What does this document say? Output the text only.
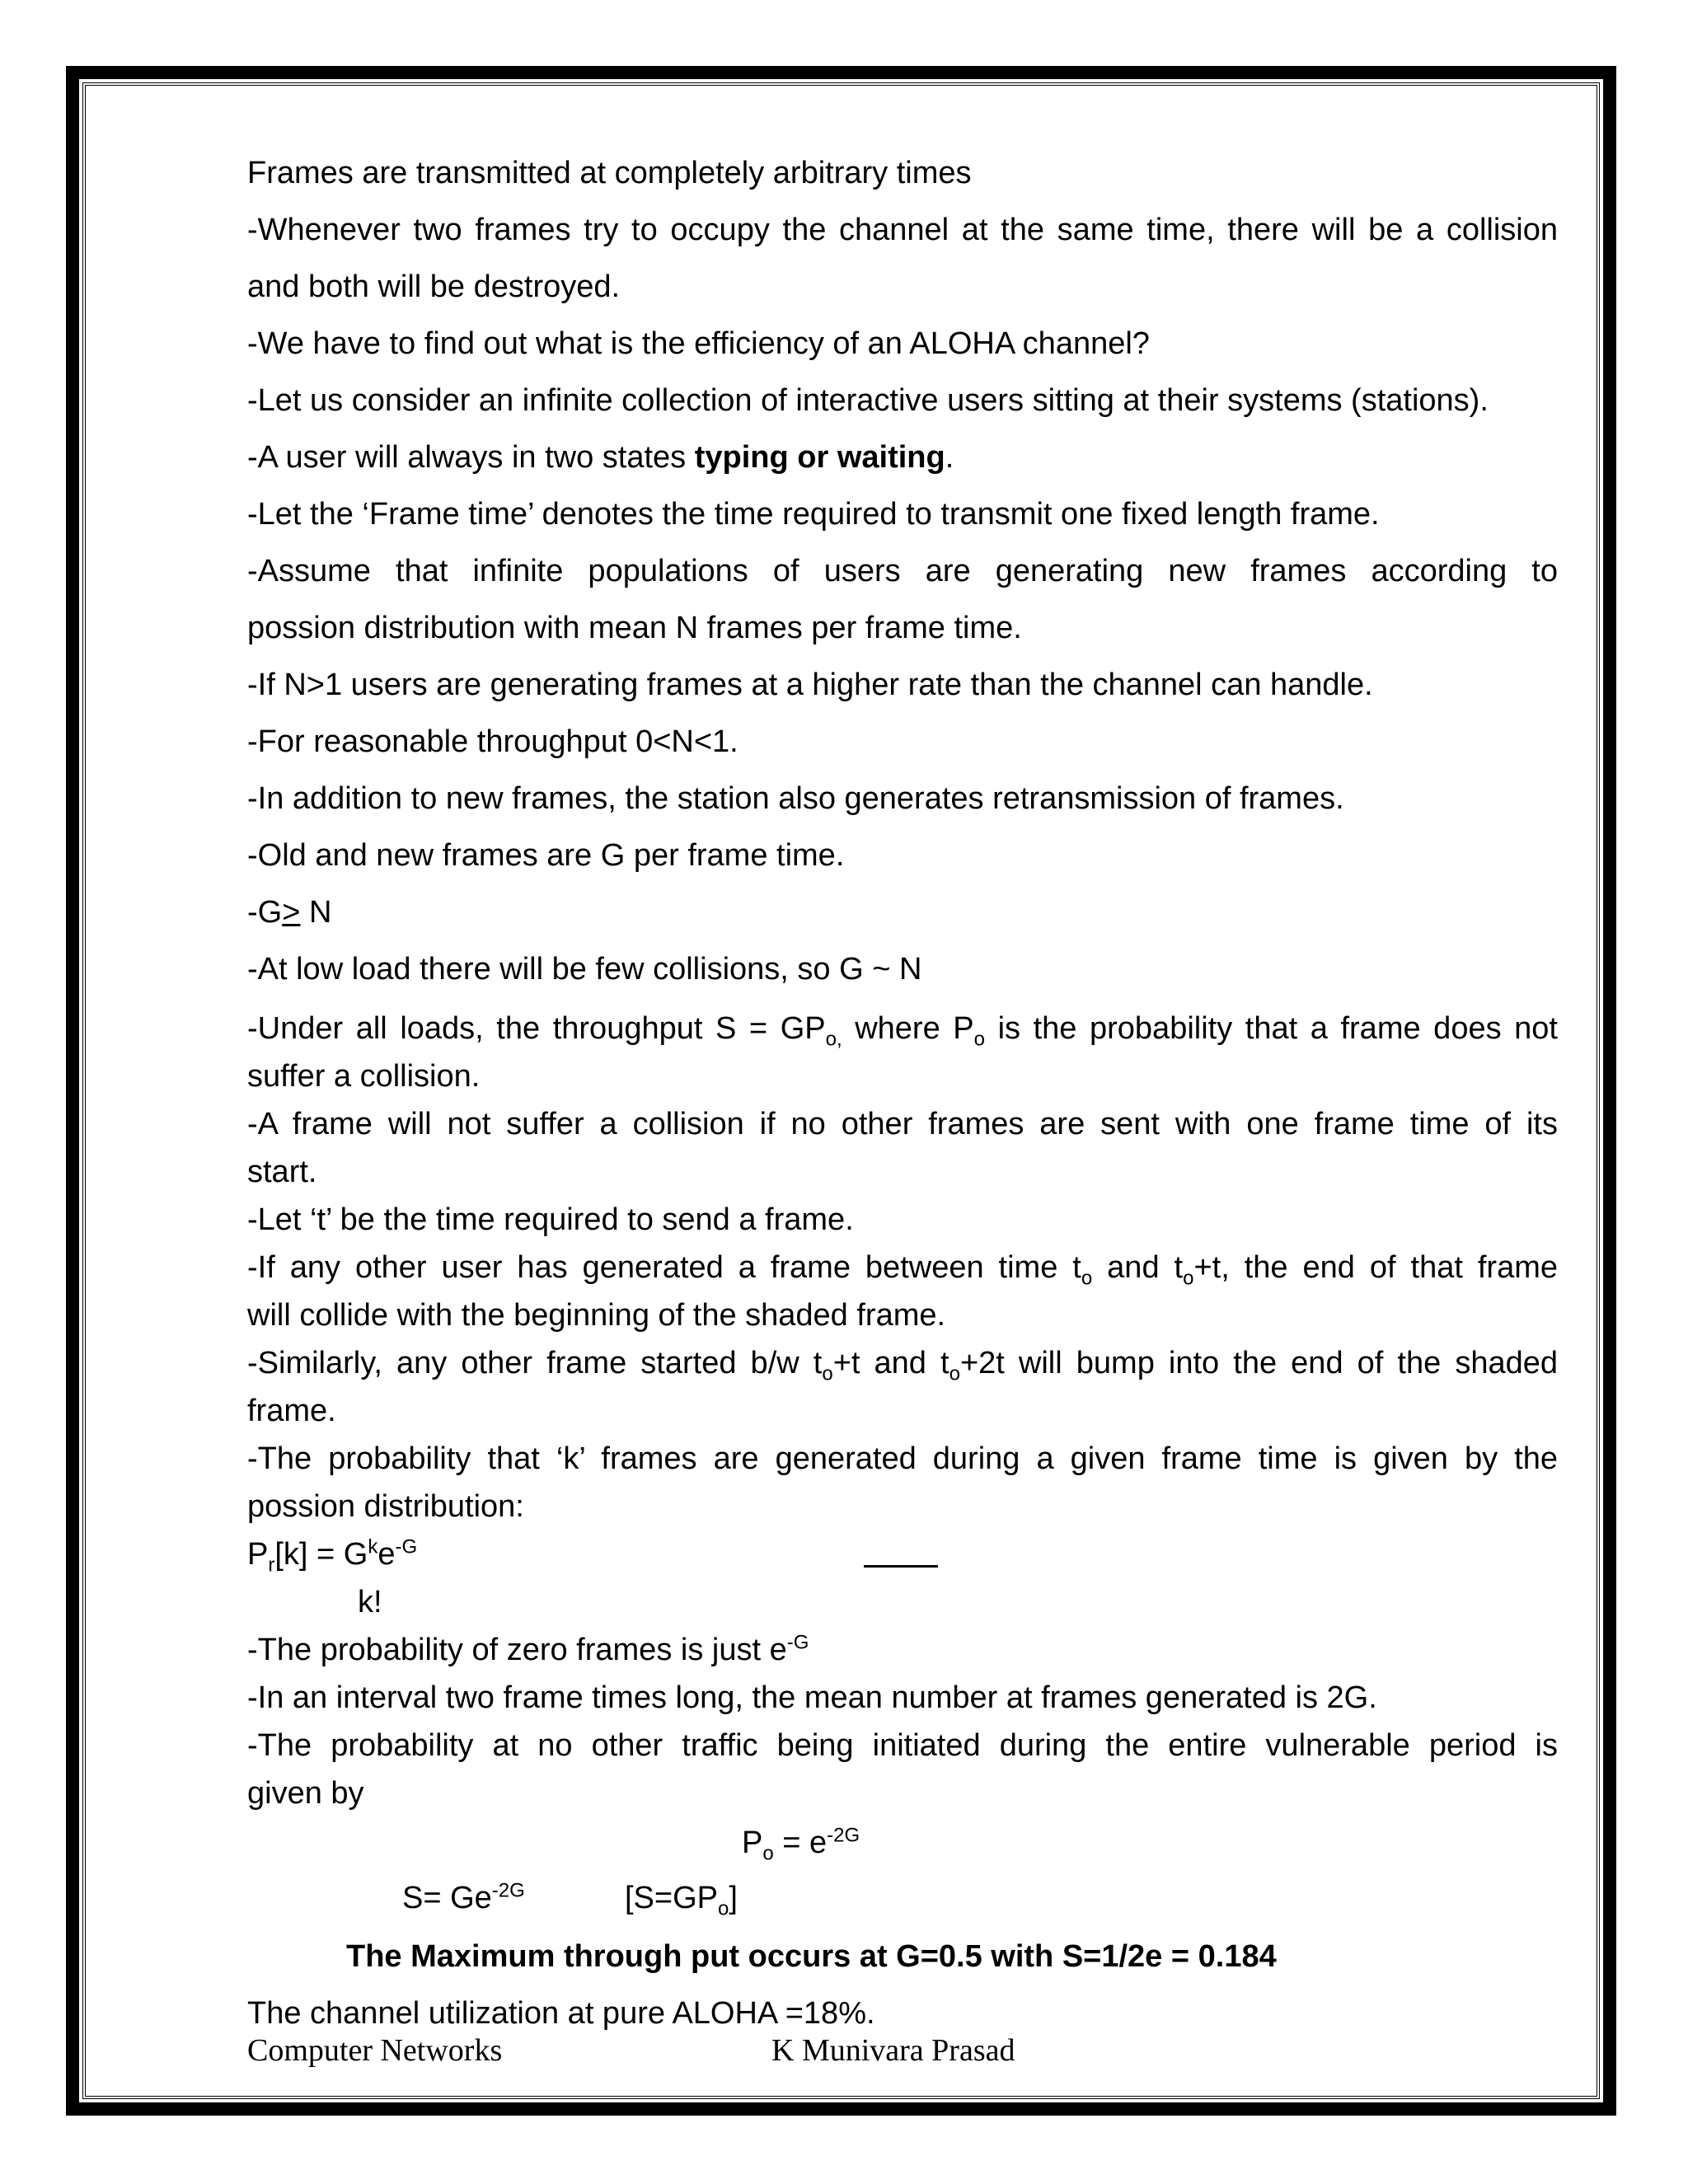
Frames are transmitted at completely arbitrary times
-Whenever two frames try to occupy the channel at the same time, there will be a collision
and both will be destroyed.
-We have to find out what is the efficiency of an ALOHA channel?
-Let us consider an infinite collection of interactive users sitting at their systems (stations).
-A user will always in two states typing or waiting.
-Let the ‘Frame time’ denotes the time required to transmit one fixed length frame.
-Assume that infinite populations of users are generating new frames according to
possion distribution with mean N frames per frame time.
-If N>1 users are generating frames at a higher rate than the channel can handle.
-For reasonable throughput 0<N<1.
-In addition to new frames, the station also generates retransmission of frames.
-Old and new frames are G per frame time.
-G≥ N
-At low load there will be few collisions, so G ~ N
-Under all loads, the throughput $S = GP_{o,}$ where $P_o$ is the probability that a frame does not
suffer a collision.
-A frame will not suffer a collision if no other frames are sent with one frame time of its
start.
-Let ‘t’ be the time required to send a frame.
-If any other user has generated a frame between time $t_o$ and $t_o+t$, the end of that frame
will collide with the beginning of the shaded frame.
-Similarly, any other frame started b/w $t_o+t$ and $t_o+2t$ will bump into the end of the shaded
frame.
-The probability that ‘k’ frames are generated during a given frame time is given by the
possion distribution:
$P_r[k] = G^ke^{-G}$
k!
-The probability of zero frames is just $e^{-G}$
-In an interval two frame times long, the mean number at frames generated is 2G.
-The probability at no other traffic being initiated during the entire vulnerable period is
given by
$P_o = e^{-2G}$
$S= Ge^{-2G}$	$[S=GP_o]$
The Maximum through put occurs at G=0.5 with S=1/2e = 0.184
The channel utilization at pure ALOHA =18%.
Computer Networks	K Munivara Prasad
